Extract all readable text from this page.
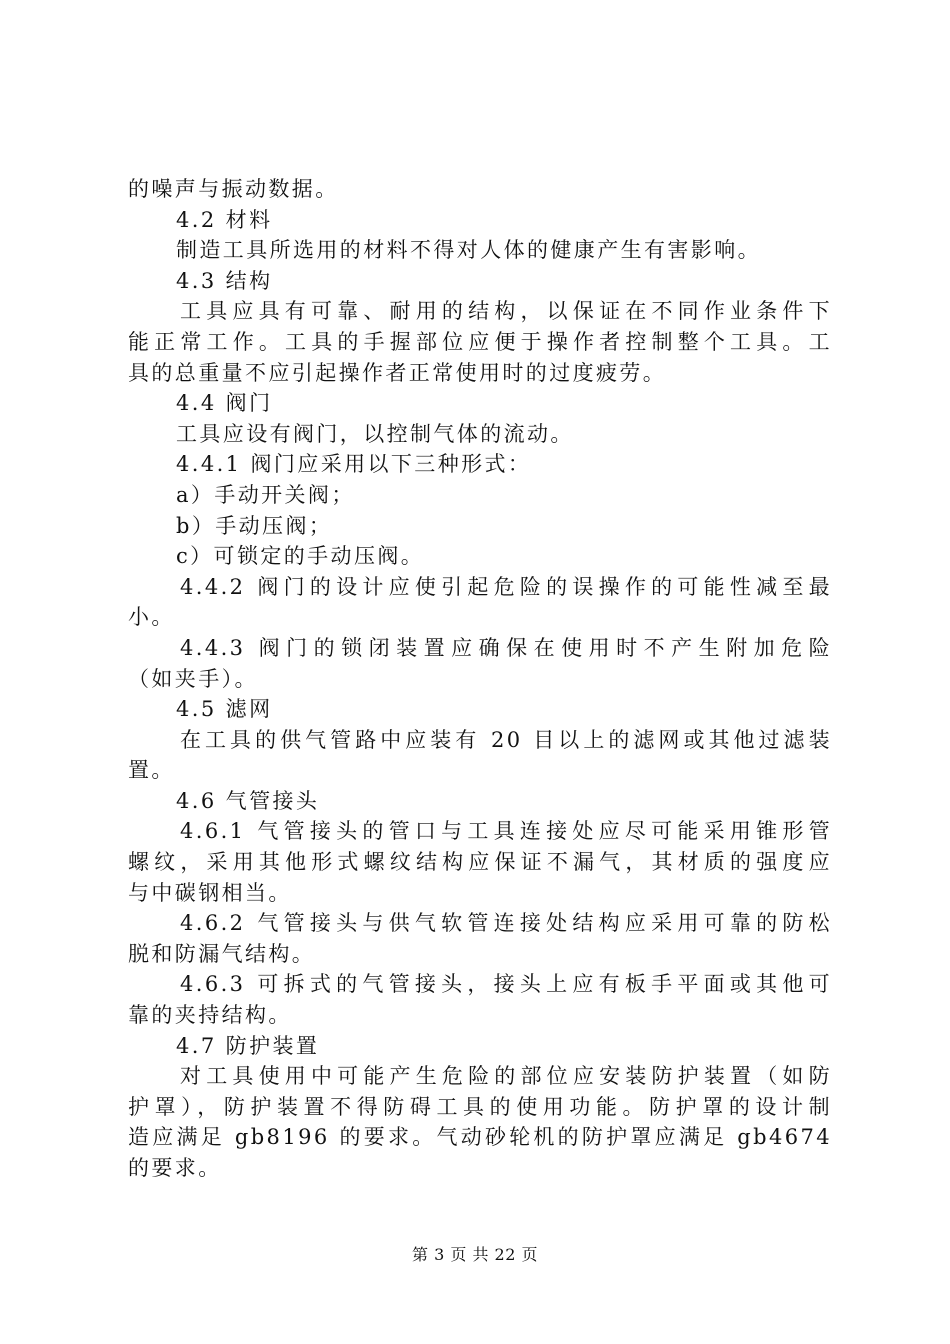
的噪声与振动数据。

4.2 材料

制造工具所选用的材料不得对人体的健康产生有害影响。

4.3 结构

工具应具有可靠、耐用的结构，以保证在不同作业条件下

能正常工作。工具的手握部位应便于操作者控制整个工具。工

具的总重量不应引起操作者正常使用时的过度疲劳。

4.4 阀门

工具应设有阀门，以控制气体的流动。

4.4.1 阀门应采用以下三种形式：

a）手动开关阀；

b）手动压阀；

c）可锁定的手动压阀。

4.4.2 阀门的设计应使引起危险的误操作的可能性减至最

小。

4.4.3 阀门的锁闭装置应确保在使用时不产生附加危险

（如夹手）。

4.5 滤网

在工具的供气管路中应装有 20 目以上的滤网或其他过滤装

置。

4.6 气管接头

4.6.1 气管接头的管口与工具连接处应尽可能采用锥形管

螺纹，采用其他形式螺纹结构应保证不漏气，其材质的强度应

与中碳钢相当。

4.6.2 气管接头与供气软管连接处结构应采用可靠的防松

脱和防漏气结构。

4.6.3 可拆式的气管接头，接头上应有板手平面或其他可

靠的夹持结构。

4.7 防护装置

对工具使用中可能产生危险的部位应安装防护装置（如防

护罩），防护装置不得防碍工具的使用功能。防护罩的设计制

造应满足 gb8196 的要求。气动砂轮机的防护罩应满足 gb4674

的要求。

第 3 页 共 22 页
